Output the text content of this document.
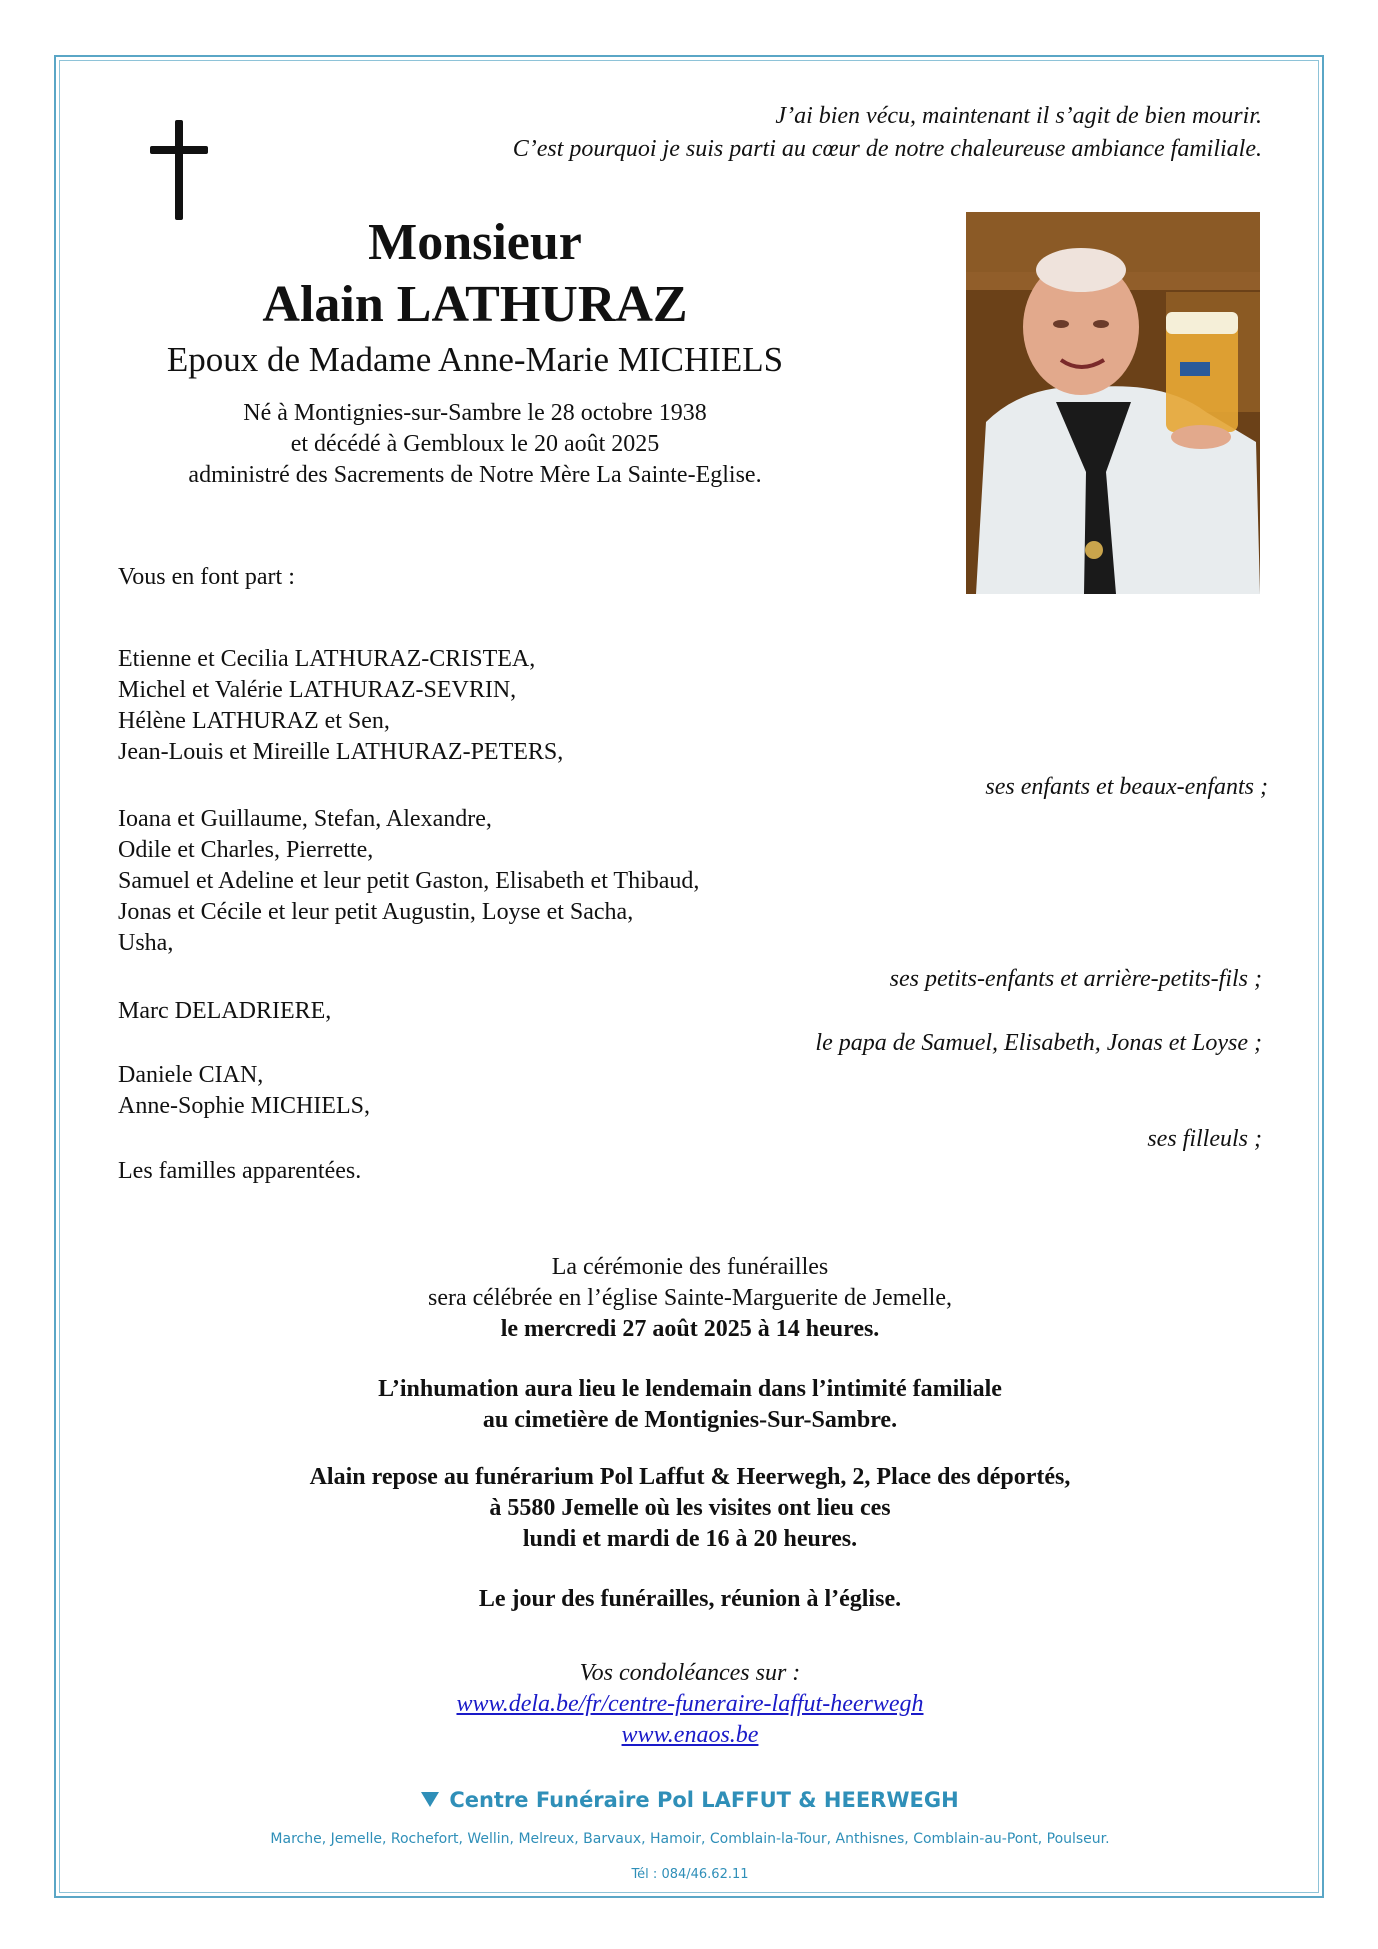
J’ai bien vécu, maintenant il s’agit de bien mourir.
C’est pourquoi je suis parti au cœur de notre chaleureuse ambiance familiale.
Monsieur
Alain LATHURAZ
Epoux de Madame Anne-Marie MICHIELS
Né à Montignies-sur-Sambre le 28 octobre 1938
et décédé à Gembloux le 20 août 2025
administré des Sacrements de Notre Mère La Sainte-Eglise.
Vous en font part :
Etienne et Cecilia LATHURAZ-CRISTEA,
Michel et Valérie LATHURAZ-SEVRIN,
Hélène LATHURAZ et Sen,
Jean-Louis et Mireille LATHURAZ-PETERS,
ses enfants et beaux-enfants ;
Ioana et Guillaume, Stefan, Alexandre,
Odile et Charles, Pierrette,
Samuel et Adeline et leur petit Gaston, Elisabeth et Thibaud,
Jonas et Cécile et leur petit Augustin, Loyse et Sacha,
Usha,
ses petits-enfants et arrière-petits-fils ;
Marc DELADRIERE,
le papa de Samuel, Elisabeth, Jonas et Loyse ;
Daniele CIAN,
Anne-Sophie MICHIELS,
ses filleuls ;
Les familles apparentées.
La cérémonie des funérailles
sera célébrée en l’église Sainte-Marguerite de Jemelle,
le mercredi 27 août 2025 à 14 heures.
L’inhumation aura lieu le lendemain dans l’intimité familiale
au cimetière de Montignies-Sur-Sambre.
Alain repose au funérarium Pol Laffut & Heerwegh, 2, Place des déportés,
à 5580 Jemelle où les visites ont lieu ces
lundi et mardi de 16 à 20 heures.
Le jour des funérailles, réunion à l’église.
Vos condoléances sur :
www.dela.be/fr/centre-funeraire-laffut-heerwegh
www.enaos.be
Centre Funéraire Pol LAFFUT & HEERWEGH
Marche, Jemelle, Rochefort, Wellin, Melreux, Barvaux, Hamoir, Comblain-la-Tour, Anthisnes, Comblain-au-Pont, Poulseur.
Tél : 084/46.62.11
